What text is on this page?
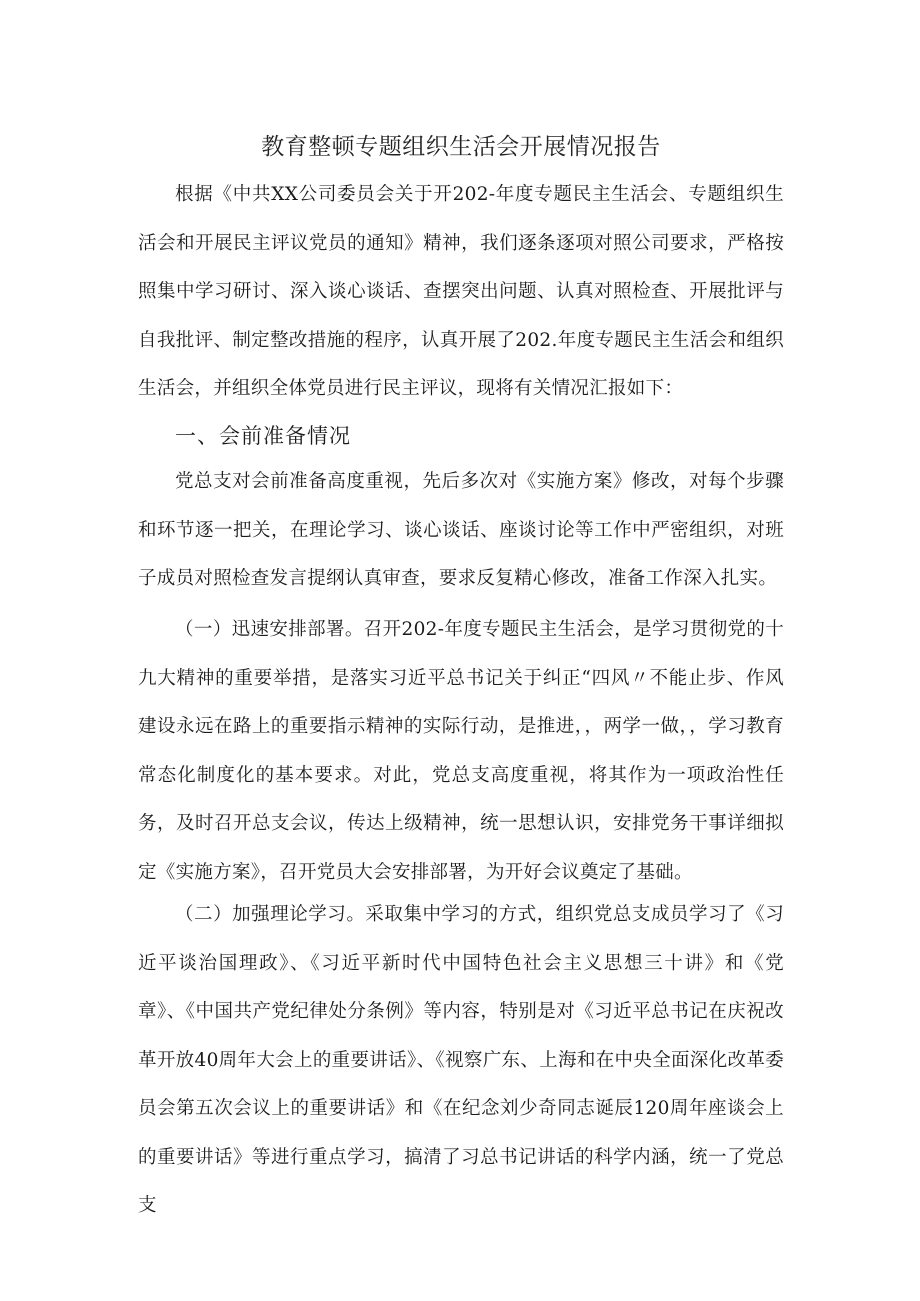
教育整顿专题组织生活会开展情况报告

根据《中共XX公司委员会关于开202-年度专题民主生活会、专题组织生活会和开展民主评议党员的通知》精神，我们逐条逐项对照公司要求，严格按照集中学习研讨、深入谈心谈话、查摆突出问题、认真对照检查、开展批评与自我批评、制定整改措施的程序，认真开展了202.年度专题民主生活会和组织生活会，并组织全体党员进行民主评议，现将有关情况汇报如下：

一、会前准备情况

党总支对会前准备高度重视，先后多次对《实施方案》修改，对每个步骤和环节逐一把关，在理论学习、谈心谈话、座谈讨论等工作中严密组织，对班子成员对照检查发言提纲认真审查，要求反复精心修改，准备工作深入扎实。

（一）迅速安排部署。召开202-年度专题民主生活会，是学习贯彻党的十九大精神的重要举措，是落实习近平总书记关于纠正“四风〃不能止步、作风建设永远在路上的重要指示精神的实际行动，是推进，，两学一做，，学习教育常态化制度化的基本要求。对此，党总支高度重视，将其作为一项政治性任务，及时召开总支会议，传达上级精神，统一思想认识，安排党务干事详细拟定《实施方案》，召开党员大会安排部署，为开好会议奠定了基础。

（二）加强理论学习。采取集中学习的方式，组织党总支成员学习了《习近平谈治国理政》、《习近平新时代中国特色社会主义思想三十讲》和《党章》、《中国共产党纪律处分条例》等内容，特别是对《习近平总书记在庆祝改革开放40周年大会上的重要讲话》、《视察广东、上海和在中央全面深化改革委员会第五次会议上的重要讲话》和《在纪念刘少奇同志诞辰120周年座谈会上的重要讲话》等进行重点学习，搞清了习总书记讲话的科学内涵，统一了党总支
